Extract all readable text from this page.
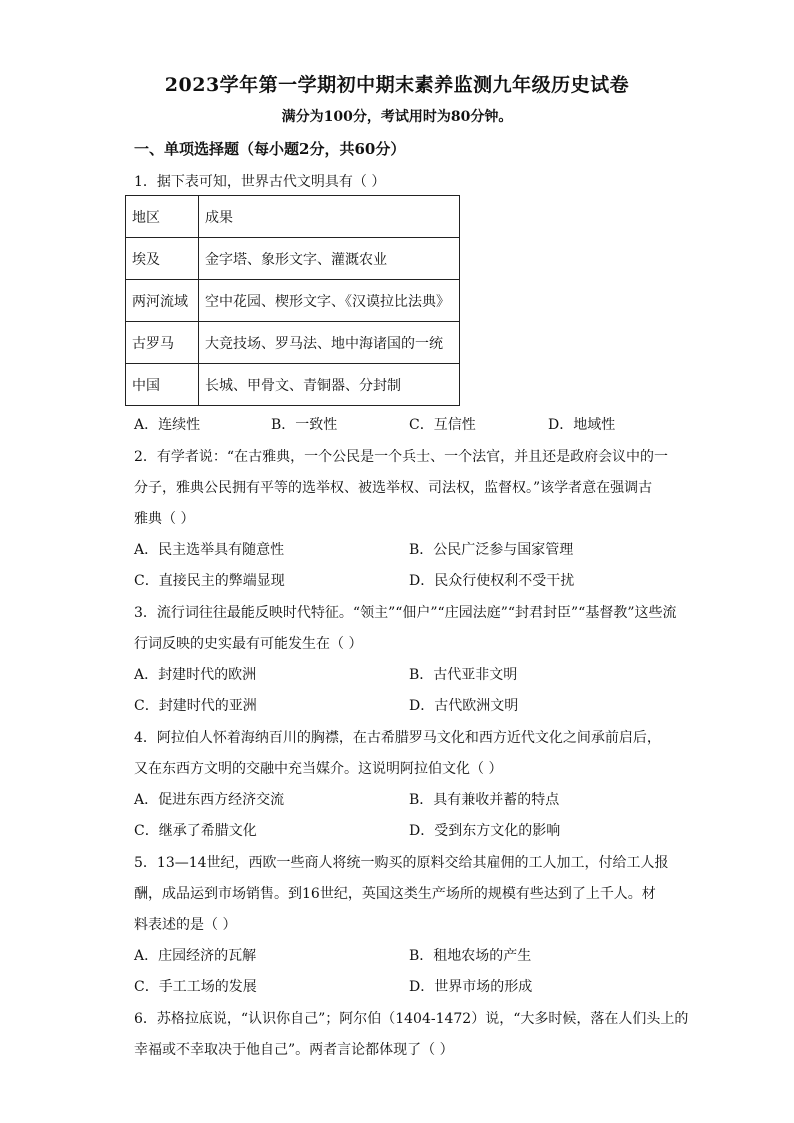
2023学年第一学期初中期末素养监测九年级历史试卷
满分为100分，考试用时为80分钟。
一、单项选择题（每小题2分，共60分）
1．据下表可知，世界古代文明具有（ ）
地区	成果
埃及	金字塔、象形文字、灌溉农业
两河流域	空中花园、楔形文字、《汉谟拉比法典》
古罗马	大竞技场、罗马法、地中海诸国的一统
中国	长城、甲骨文、青铜器、分封制
A．连续性	B．一致性	C．互信性	D．地域性
2．有学者说：“在古雅典，一个公民是一个兵士、一个法官，并且还是政府会议中的一
分子，雅典公民拥有平等的选举权、被选举权、司法权，监督权。”该学者意在强调古
雅典（ ）
A．民主选举具有随意性	B．公民广泛参与国家管理
C．直接民主的弊端显现	D．民众行使权利不受干扰
3．流行词往往最能反映时代特征。“领主”“佃户”“庄园法庭”“封君封臣”“基督教”这些流
行词反映的史实最有可能发生在（ ）
A．封建时代的欧洲	B．古代亚非文明
C．封建时代的亚洲	D．古代欧洲文明
4．阿拉伯人怀着海纳百川的胸襟，在古希腊罗马文化和西方近代文化之间承前启后，
又在东西方文明的交融中充当媒介。这说明阿拉伯文化（ ）
A．促进东西方经济交流	B．具有兼收并蓄的特点
C．继承了希腊文化	D．受到东方文化的影响
5．13—14世纪，西欧一些商人将统一购买的原料交给其雇佣的工人加工，付给工人报
酬，成品运到市场销售。到16世纪，英国这类生产场所的规模有些达到了上千人。材
料表述的是（ ）
A．庄园经济的瓦解	B．租地农场的产生
C．手工工场的发展	D．世界市场的形成
6．苏格拉底说，“认识你自己”；阿尔伯（1404-1472）说，“大多时候，落在人们头上的
幸福或不幸取决于他自己”。两者言论都体现了（ ）
